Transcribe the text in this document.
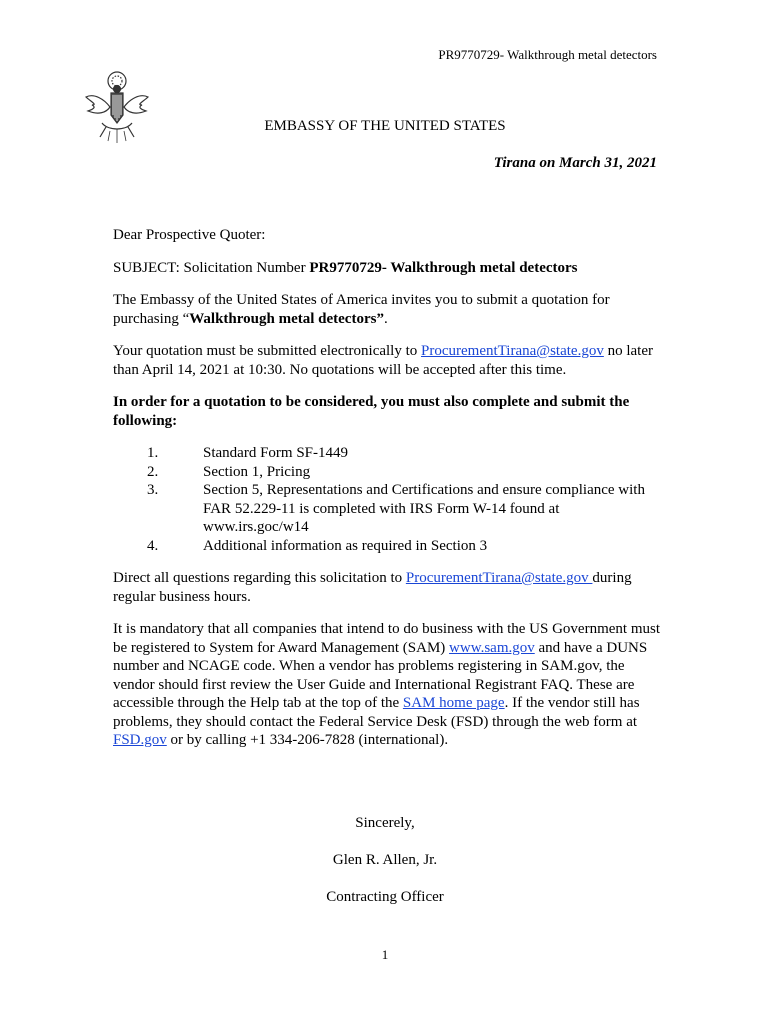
PR9770729- Walkthrough metal detectors
EMBASSY OF THE UNITED STATES
Tirana on March 31, 2021

Dear Prospective Quoter:

SUBJECT: Solicitation Number PR9770729- Walkthrough metal detectors

The Embassy of the United States of America invites you to submit a quotation for purchasing “Walkthrough metal detectors”.

Your quotation must be submitted electronically to ProcurementTirana@state.gov no later than April 14, 2021 at 10:30. No quotations will be accepted after this time.

In order for a quotation to be considered, you must also complete and submit the following:

1.	Standard Form SF-1449
2.	Section 1, Pricing
3.	Section 5, Representations and Certifications and ensure compliance with FAR 52.229-11 is completed with IRS Form W-14 found at www.irs.goc/w14
4.	Additional information as required in Section 3

Direct all questions regarding this solicitation to ProcurementTirana@state.gov during regular business hours.

It is mandatory that all companies that intend to do business with the US Government must be registered to System for Award Management (SAM) www.sam.gov and have a DUNS number and NCAGE code. When a vendor has problems registering in SAM.gov, the vendor should first review the User Guide and International Registrant FAQ. These are accessible through the Help tab at the top of the SAM home page. If the vendor still has problems, they should contact the Federal Service Desk (FSD) through the web form at FSD.gov or by calling +1 334-206-7828 (international).

Sincerely,
Glen R. Allen, Jr.
Contracting Officer
1
